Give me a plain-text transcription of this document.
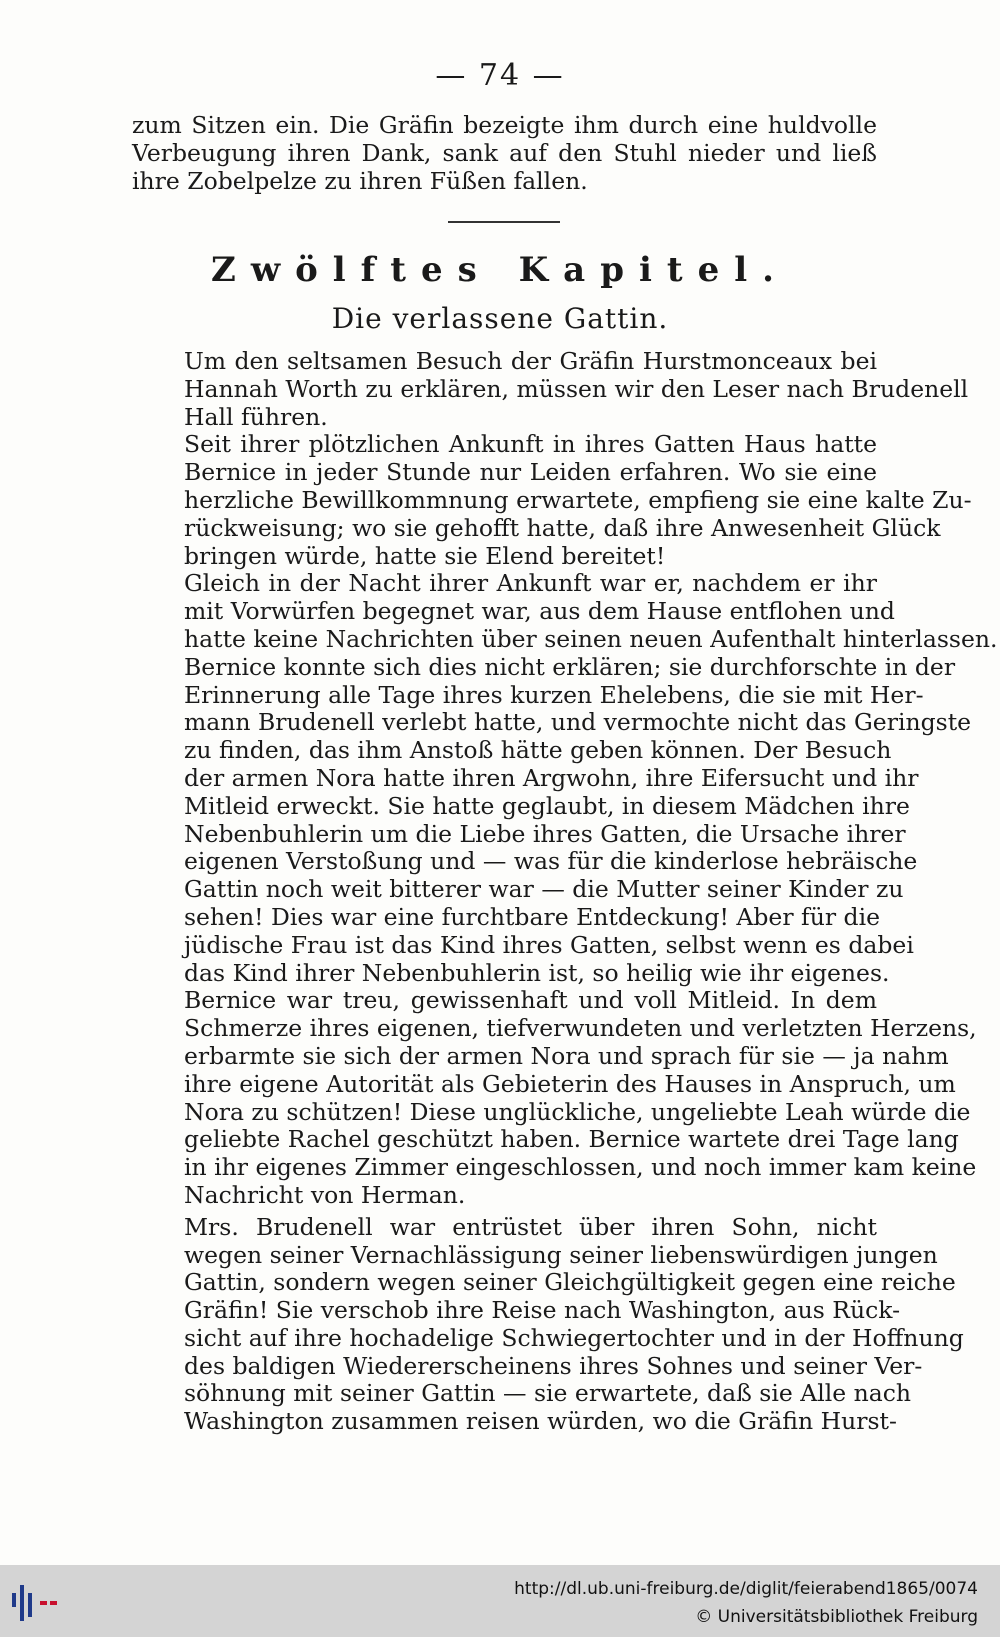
— 74 —
zum Sitzen ein. Die Gräfin bezeigte ihm durch eine huldvolle
Verbeugung ihren Dank, sank auf den Stuhl nieder und ließ
ihre Zobelpelze zu ihren Füßen fallen.
Zwölftes Kapitel.
Die verlassene Gattin.

Um den seltsamen Besuch der Gräfin Hurstmonceaux bei
Hannah Worth zu erklären, müssen wir den Leser nach Brudenell
Hall führen.

Seit ihrer plötzlichen Ankunft in ihres Gatten Haus hatte
Bernice in jeder Stunde nur Leiden erfahren. Wo sie eine
herzliche Bewillkommnung erwartete, empfieng sie eine kalte Zu-
rückweisung; wo sie gehofft hatte, daß ihre Anwesenheit Glück
bringen würde, hatte sie Elend bereitet!

Gleich in der Nacht ihrer Ankunft war er, nachdem er ihr
mit Vorwürfen begegnet war, aus dem Hause entflohen und
hatte keine Nachrichten über seinen neuen Aufenthalt hinterlassen.
Bernice konnte sich dies nicht erklären; sie durchforschte in der
Erinnerung alle Tage ihres kurzen Ehelebens, die sie mit Her-
mann Brudenell verlebt hatte, und vermochte nicht das Geringste
zu finden, das ihm Anstoß hätte geben können. Der Besuch
der armen Nora hatte ihren Argwohn, ihre Eifersucht und ihr
Mitleid erweckt. Sie hatte geglaubt, in diesem Mädchen ihre
Nebenbuhlerin um die Liebe ihres Gatten, die Ursache ihrer
eigenen Verstoßung und — was für die kinderlose hebräische
Gattin noch weit bitterer war — die Mutter seiner Kinder zu
sehen! Dies war eine furchtbare Entdeckung! Aber für die
jüdische Frau ist das Kind ihres Gatten, selbst wenn es dabei
das Kind ihrer Nebenbuhlerin ist, so heilig wie ihr eigenes.
Bernice war treu, gewissenhaft und voll Mitleid. In dem
Schmerze ihres eigenen, tiefverwundeten und verletzten Herzens,
erbarmte sie sich der armen Nora und sprach für sie — ja nahm
ihre eigene Autorität als Gebieterin des Hauses in Anspruch, um
Nora zu schützen! Diese unglückliche, ungeliebte Leah würde die
geliebte Rachel geschützt haben. Bernice wartete drei Tage lang
in ihr eigenes Zimmer eingeschlossen, und noch immer kam keine
Nachricht von Herman.

Mrs. Brudenell war entrüstet über ihren Sohn, nicht
wegen seiner Vernachlässigung seiner liebenswürdigen jungen
Gattin, sondern wegen seiner Gleichgültigkeit gegen eine reiche
Gräfin! Sie verschob ihre Reise nach Washington, aus Rück-
sicht auf ihre hochadelige Schwiegertochter und in der Hoffnung
des baldigen Wiedererscheinens ihres Sohnes und seiner Ver-
söhnung mit seiner Gattin — sie erwartete, daß sie Alle nach
Washington zusammen reisen würden, wo die Gräfin Hurst-

http://dl.ub.uni-freiburg.de/diglit/feierabend1865/0074
© Universitätsbibliothek Freiburg
